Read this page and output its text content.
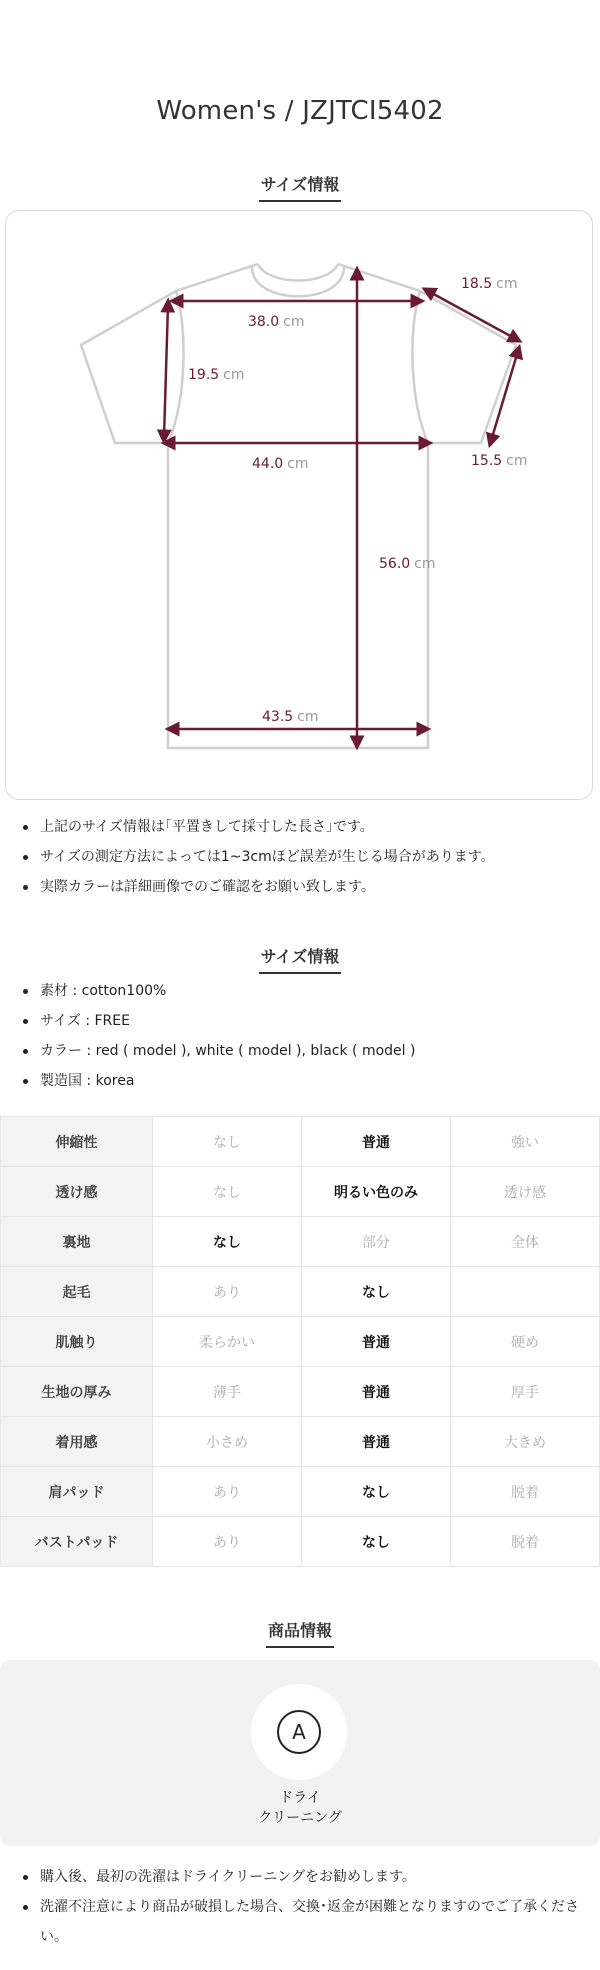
Women's / JZJTCI5402
サイズ情報
38.0 cm
18.5 cm
19.5 cm
44.0 cm	15.5 cm
56.0 cm
43.5 cm
上記のサイズ情報は｢平置きして採寸した長さ｣です。
サイズの測定方法によっては1~3cmほど誤差が生じる場合があります。
実際カラーは詳細画像でのご確認をお願い致します。
サイズ情報
素材 : cotton100%
サイズ : FREE
カラー : red ( model ), white ( model ), black ( model )
製造国 : korea
伸縮性	なし	普通	強い
透け感	なし	明るい色のみ	透け感
裏地	なし	部分	全体
起毛	あり	なし	
肌触り	柔らかい	普通	硬め
生地の厚み	薄手	普通	厚手
着用感	小さめ	普通	大きめ
肩パッド	あり	なし	脱着
バストパッド	あり	なし	脱着
商品情報
A
ドライ
クリーニング
購入後、最初の洗濯はドライクリーニングをお勧めします。
洗濯不注意により商品が破損した場合、交換･返金が困難となりますのでご了承くださ
い。
